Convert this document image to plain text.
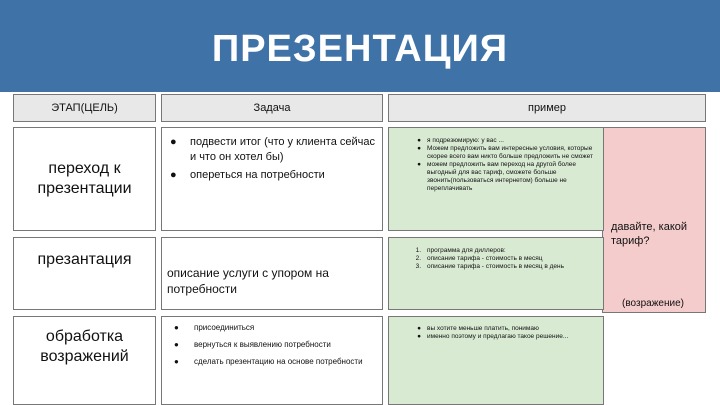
ПРЕЗЕНТАЦИЯ
ЭТАП(ЦЕЛЬ)	Задача	пример
давайте, какой тариф?
(возражение)
переход к презентации
● подвести итог (что у клиента сейчас и что он хотел бы)
● опереться на потребности
● я подрезюмирую: у вас ...
● Можем предложить вам интересные условия, которые скорее всего вам никто больше предложить не сможет
● можем предложить вам переход на другой более выгодный для вас тариф, сможете больше звонить(пользоваться интернетом) больше не переплачивать
презантация
описание услуги с упором на потребности
1. программа для диллеров:
2. описание тарифа - стоимость в месяц
3. описание тарифа - стоимость в месяц в день
обработка возражений
● присоединиться
● вернуться к выявлению потребности
● сделать презентацию на основе потребности
● вы хотите меньше платить, понимаю
● именно поэтому и предлагаю такое решение...
